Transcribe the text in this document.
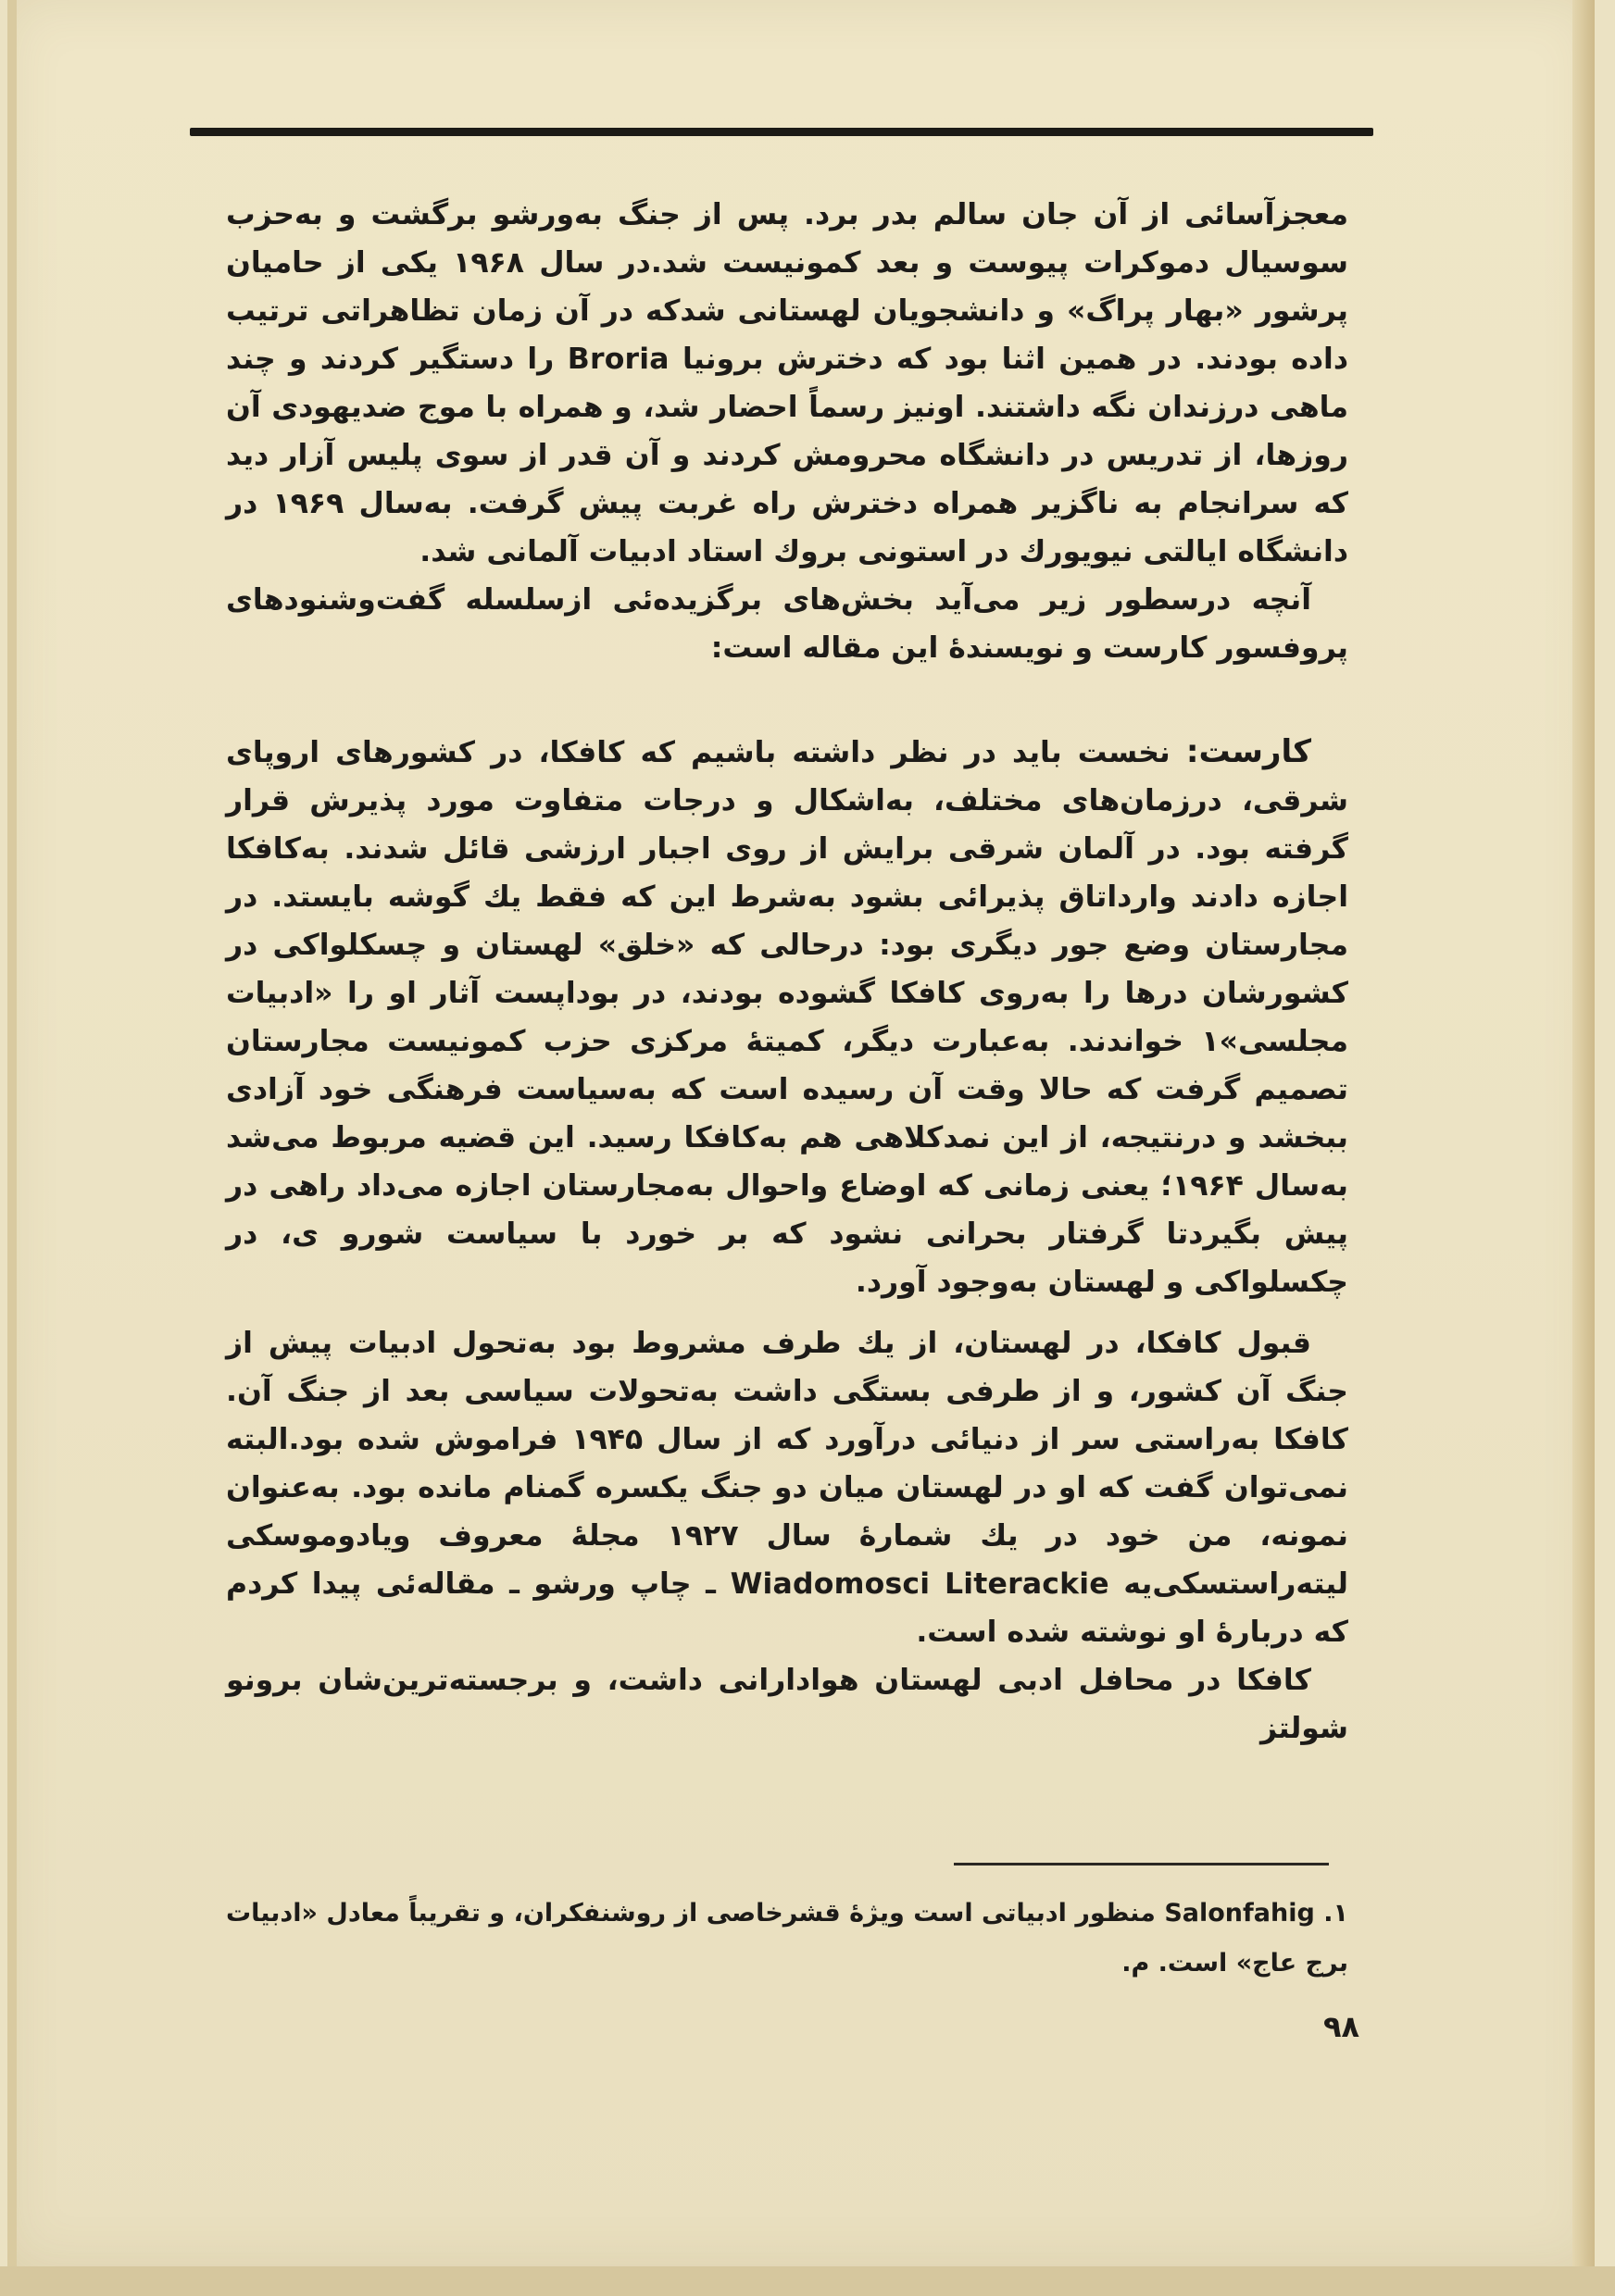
معجزآسائی از آن جان سالم بدر برد. پس از جنگ به‌ورشو برگشت و به‌حزب سوسیال دموکرات پیوست و بعد کمونیست شد.در سال ۱۹۶۸ یکی از حامیان پرشور «بهار پراگ» و دانشجویان لهستانی شدکه در آن زمان تظاهراتی ترتیب داده بودند. در همین اثنا بود که دخترش برونیا Broria را دستگیر کردند و چند ماهی درزندان نگه داشتند. اونیز رسماً احضار شد، و همراه با موج ضدیهودی آن روزها، از تدریس در دانشگاه محرومش کردند و آن قدر از سوی پلیس آزار دید که سرانجام به ناگزیر همراه دخترش راه غربت پیش گرفت. به‌سال ۱۹۶۹ در دانشگاه ایالتی نیویورك در استونی بروك استاد ادبیات آلمانی شد.

آنچه درسطور زیر می‌آید بخش‌های برگزیده‌ئی ازسلسله گفت‌وشنودهای پروفسور کارست و نویسندهٔ این مقاله است:

کارست: نخست باید در نظر داشته باشیم که کافکا، در کشورهای اروپای شرقی، درزمان‌های مختلف، به‌اشکال و درجات متفاوت مورد پذیرش قرار گرفته بود. در آلمان شرقی برایش از روی اجبار ارزشی قائل شدند. به‌کافکا اجازه دادند وارداتاق پذیرائی بشود به‌شرط این که فقط یك گوشه بایستد. در مجارستان وضع جور دیگری بود: درحالی که «خلق» لهستان و چسکلواکی در کشورشان درها را به‌روی کافکا گشوده بودند، در بوداپست آثار او را «ادبیات مجلسی»۱ خواندند. به‌عبارت دیگر، کمیتهٔ مرکزی حزب کمونیست مجارستان تصمیم گرفت که حالا وقت آن رسیده است که به‌سیاست فرهنگی خود آزادی ببخشد و درنتیجه، از این نمدکلاهی هم به‌کافکا رسید. این قضیه مربوط می‌شد به‌سال ۱۹۶۴؛ یعنی زمانی که اوضاع واحوال به‌مجارستان اجازه می‌داد راهی در پیش بگیردتا گرفتار بحرانی نشود که بر خورد با سیاست شورو ی، در چکسلواکی و لهستان به‌وجود آورد.

قبول کافکا، در لهستان، از یك طرف مشروط بود به‌تحول ادبیات پیش از جنگ آن کشور، و از طرفی بستگی داشت به‌تحولات سیاسی بعد از جنگ آن. کافکا به‌راستی سر از دنیائی درآورد که از سال ۱۹۴۵ فراموش شده بود.البته نمی‌توان گفت که او در لهستان میان دو جنگ یکسره گمنام مانده بود. به‌عنوان نمونه، من خود در یك شمارهٔ سال ۱۹۲۷ مجلهٔ معروف ویادوموسکی لیته‌راستسکی‌یه Wiadomosci Literackie ـ چاپ ورشو ـ مقاله‌ئی پیدا کردم که دربارهٔ او نوشته شده است.

کافکا در محافل ادبی لهستان هوادارانی داشت، و برجسته‌ترین‌شان برونو شولتز

۱. Salonfahig منظور ادبیاتی است ویژهٔ قشرخاصی از روشنفکران، و تقریباً معادل «ادبیات برج عاج» است. م.
۹۸
